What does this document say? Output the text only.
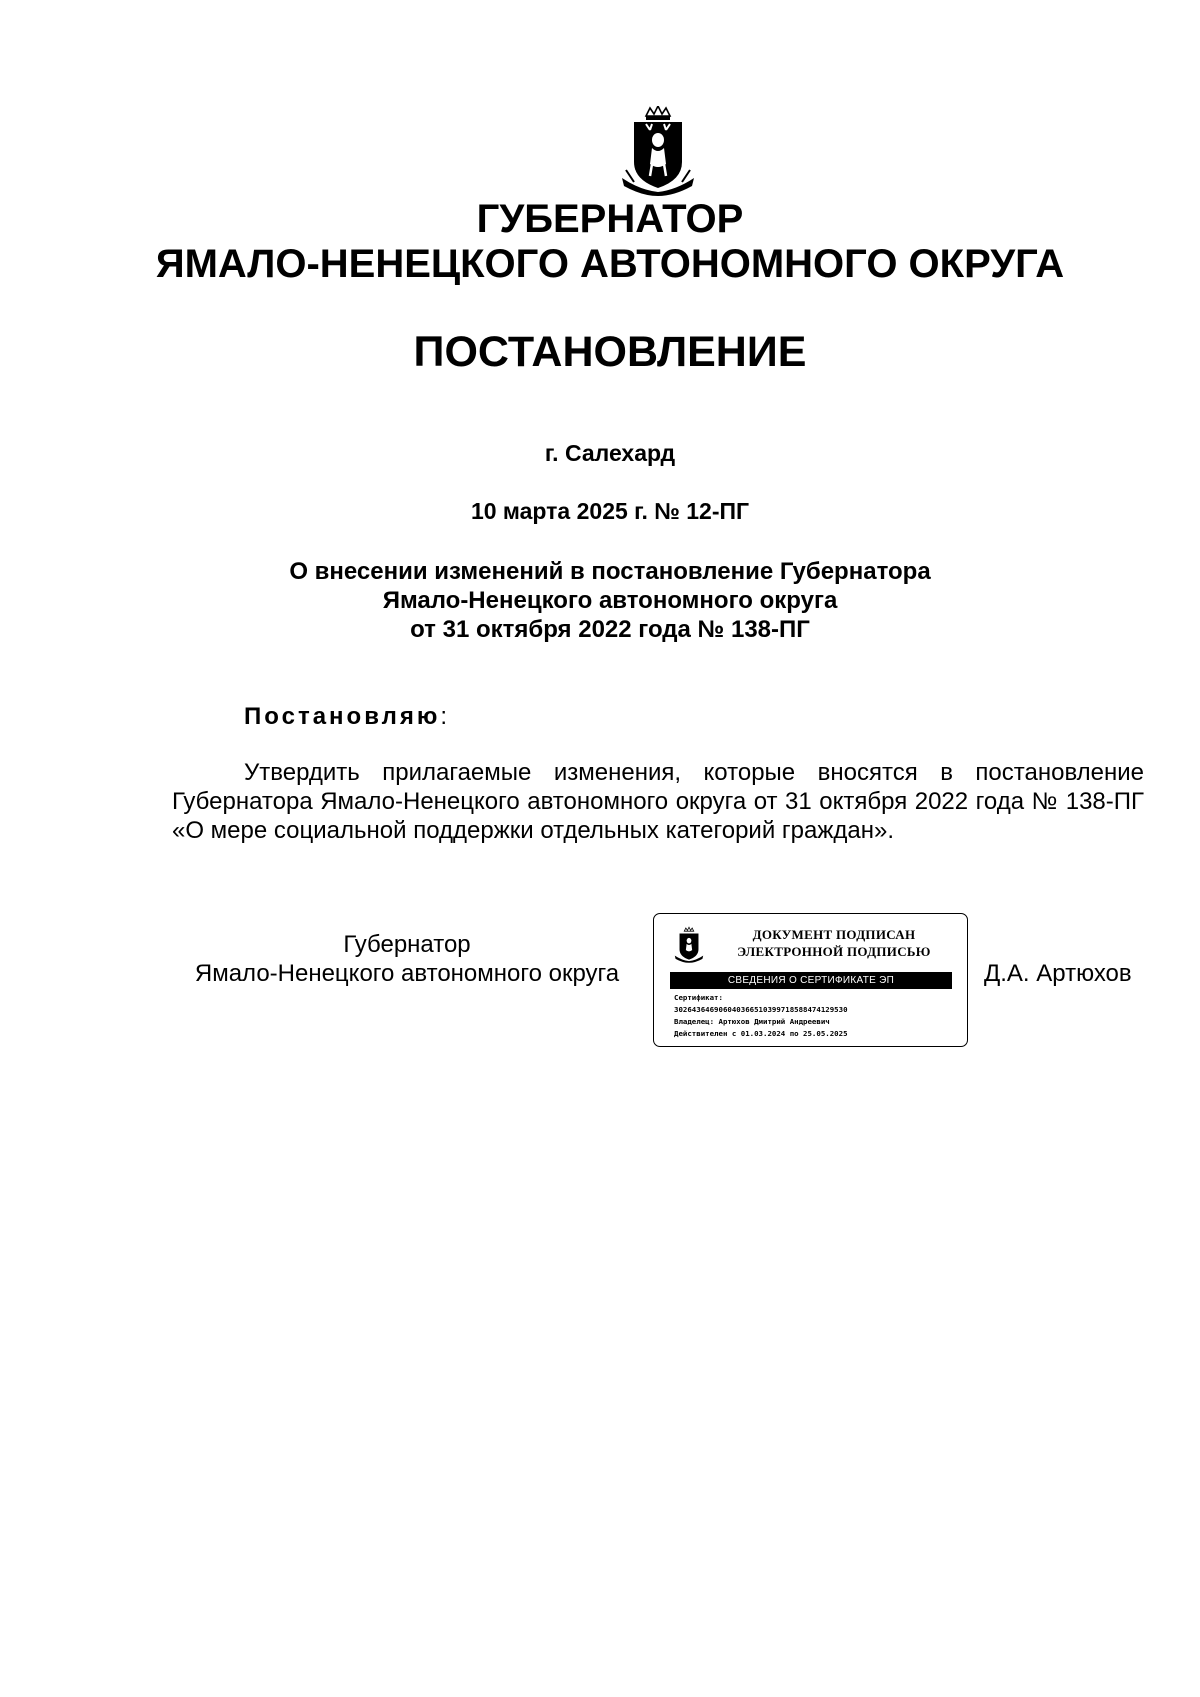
ГУБЕРНАТОР
ЯМАЛО-НЕНЕЦКОГО АВТОНОМНОГО ОКРУГА
ПОСТАНОВЛЕНИЕ
г. Салехард
10 марта 2025 г. № 12-ПГ
О внесении изменений в постановление Губернатора
Ямало-Ненецкого автономного округа
от 31 октября 2022 года № 138-ПГ
Постановляю:
Утвердить прилагаемые изменения, которые вносятся в постановление Губернатора Ямало-Ненецкого автономного округа от 31 октября 2022 года № 138-ПГ «О мере социальной поддержки отдельных категорий граждан».
Губернатор
Ямало-Ненецкого автономного округа
ДОКУМЕНТ ПОДПИСАН
ЭЛЕКТРОННОЙ ПОДПИСЬЮ
СВЕДЕНИЯ О СЕРТИФИКАТЕ ЭП
Сертификат:
302643646906040366510399718588474129530
Владелец: Артюхов Дмитрий Андреевич
Действителен с 01.03.2024 по 25.05.2025
Д.А. Артюхов
